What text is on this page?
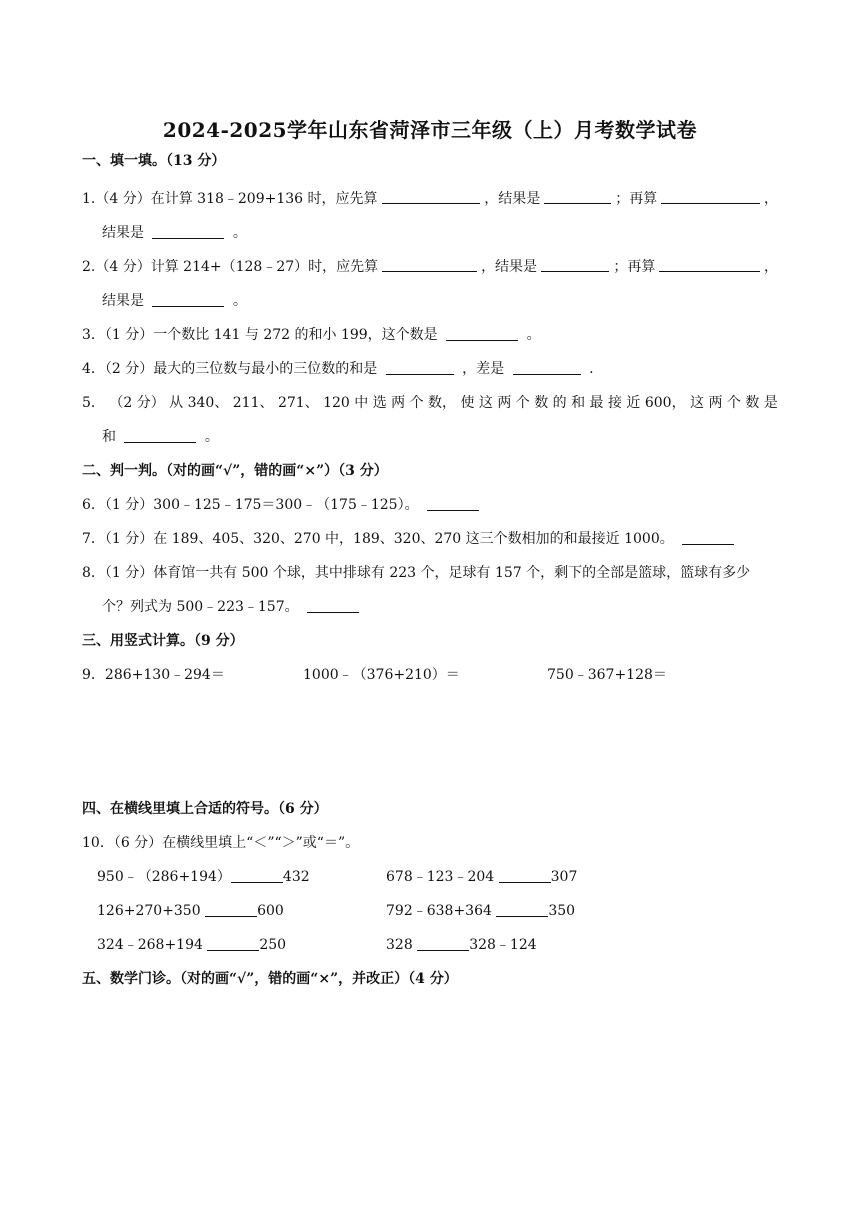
2024-2025学年山东省菏泽市三年级（上）月考数学试卷
一、填一填。（13 分）
1.（4 分）在计算 318﹣209+136 时，应先算	，结果是	；再算	，
结果是	。
2.（4 分）计算 214+（128﹣27）时，应先算	，结果是	；再算	，
结果是	。
3．（1 分）一个数比 141 与 272 的和小 199，这个数是	。
4．（2 分）最大的三位数与最小的三位数的和是	，差是	.
5． （2 分） 从 340、 211、 271、 120 中 选 两 个 数， 使 这 两 个 数 的 和 最 接 近 600， 这 两 个 数 是
和	。
二、判一判。（对的画“√”，错的画“×”）（3 分）
6．（1 分）300﹣125﹣175＝300﹣（175﹣125）。
7．（1 分）在 189、405、320、270 中，189、320、270 这三个数相加的和最接近 1000。
8．（1 分）体育馆一共有 500 个球，其中排球有 223 个，足球有 157 个，剩下的全部是篮球，篮球有多少
个？列式为 500﹣223﹣157。
三、用竖式计算。（9 分）
9．286+130﹣294＝	1000﹣（376+210）＝	750﹣367+128＝
四、在横线里填上合适的符号。（6 分）
10．（6 分）在横线里填上“＜”“＞”或“＝”。
950﹣（286+194）	432	678﹣123﹣204	307
126+270+350	600	792﹣638+364	350
324﹣268+194	250	328	328﹣124
五、数学门诊。（对的画“√”，错的画“×”，并改正）（4 分）
